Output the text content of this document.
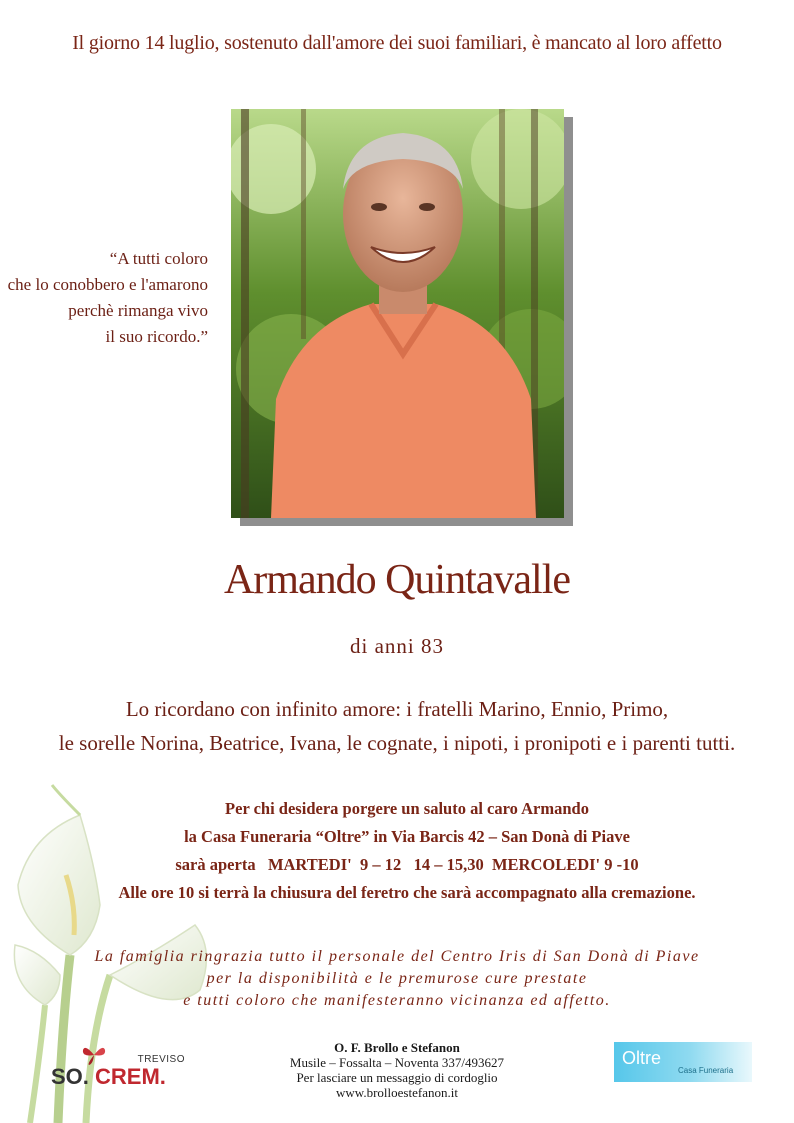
Il giorno 14 luglio, sostenuto dall'amore dei suoi familiari, è mancato al loro affetto
“A tutti coloro
che lo conobbero e l'amarono
perchè rimanga vivo
il suo ricordo.”
Armando Quintavalle
di anni 83
Lo ricordano con infinito amore: i fratelli Marino, Ennio, Primo,
le sorelle Norina, Beatrice, Ivana, le cognate, i nipoti, i pronipoti e i parenti tutti.
Per chi desidera porgere un saluto al caro Armando
la Casa Funeraria “Oltre” in Via Barcis 42 – San Donà di Piave
sarà aperta   MARTEDI'  9 – 12   14 – 15,30  MERCOLEDI' 9 -10
Alle ore 10 si terrà la chiusura del feretro che sarà accompagnato alla cremazione.
La famiglia ringrazia tutto il personale del Centro Iris di San Donà di Piave
per la disponibilità e le premurose cure prestate
e tutti coloro che manifesteranno vicinanza ed affetto.
O. F. Brollo e Stefanon
Musile – Fossalta – Noventa 337/493627
Per lasciare un messaggio di cordoglio
www.brolloestefanon.it
TREVISO
SO. CREM.
Oltre
Casa Funeraria
